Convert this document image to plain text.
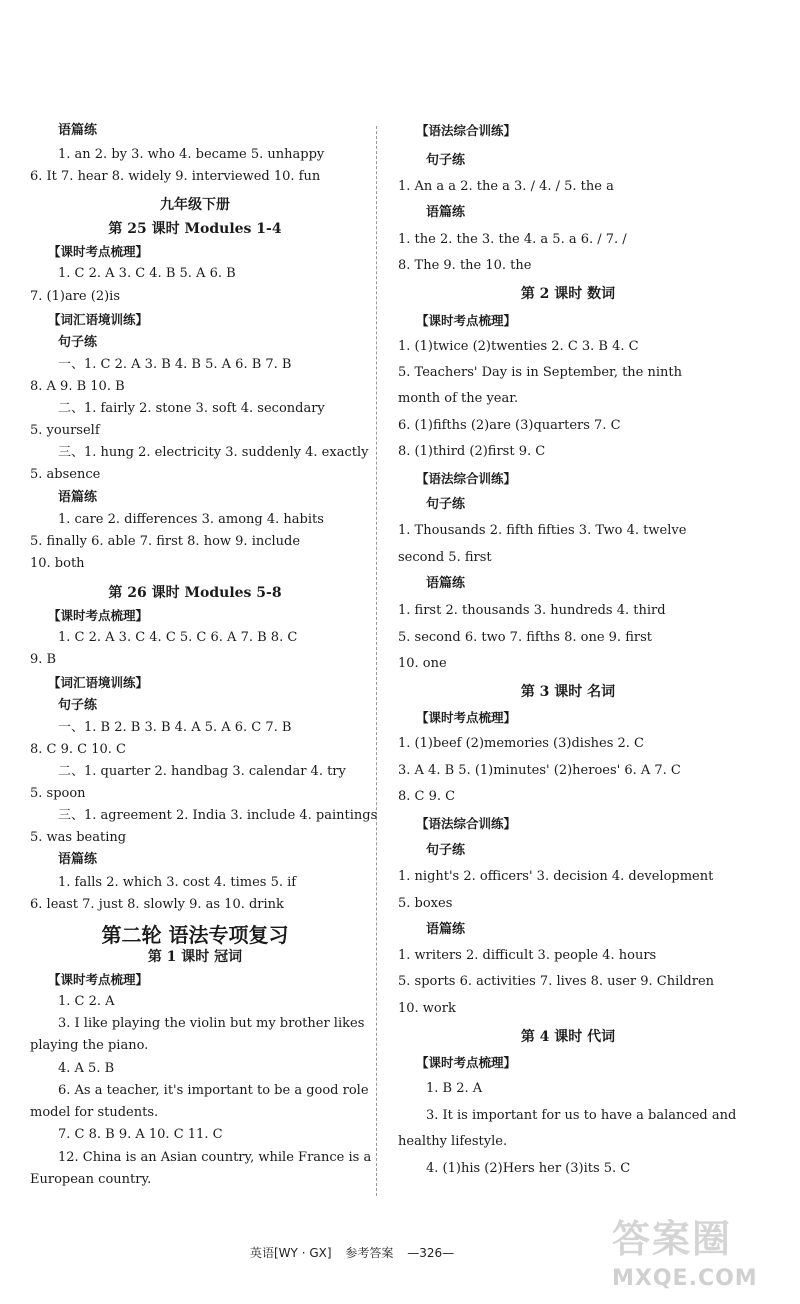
语篇练
1. an 2. by 3. who 4. became 5. unhappy
6. It 7. hear 8. widely 9. interviewed 10. fun
九年级下册
第 25 课时 Modules 1-4
【课时考点梳理】
1. C 2. A 3. C 4. B 5. A 6. B
7. (1)are (2)is
【词汇语境训练】
句子练
一、1. C 2. A 3. B 4. B 5. A 6. B 7. B
8. A 9. B 10. B
二、1. fairly 2. stone 3. soft 4. secondary
5. yourself
三、1. hung 2. electricity 3. suddenly 4. exactly
5. absence
语篇练
1. care 2. differences 3. among 4. habits
5. finally 6. able 7. first 8. how 9. include
10. both
第 26 课时 Modules 5-8
【课时考点梳理】
1. C 2. A 3. C 4. C 5. C 6. A 7. B 8. C
9. B
【词汇语境训练】
句子练
一、1. B 2. B 3. B 4. A 5. A 6. C 7. B
8. C 9. C 10. C
二、1. quarter 2. handbag 3. calendar 4. try
5. spoon
三、1. agreement 2. India 3. include 4. paintings
5. was beating
语篇练
1. falls 2. which 3. cost 4. times 5. if
6. least 7. just 8. slowly 9. as 10. drink
第二轮 语法专项复习
第 1 课时 冠词
【课时考点梳理】
1. C 2. A
3. I like playing the violin but my brother likes
playing the piano.
4. A 5. B
6. As a teacher, it's important to be a good role
model for students.
7. C 8. B 9. A 10. C 11. C
12. China is an Asian country, while France is a
European country.
【语法综合训练】
句子练
1. An a a 2. the a 3. / 4. / 5. the a
语篇练
1. the 2. the 3. the 4. a 5. a 6. / 7. /
8. The 9. the 10. the
第 2 课时 数词
【课时考点梳理】
1. (1)twice (2)twenties 2. C 3. B 4. C
5. Teachers' Day is in September, the ninth
month of the year.
6. (1)fifths (2)are (3)quarters 7. C
8. (1)third (2)first 9. C
【语法综合训练】
句子练
1. Thousands 2. fifth fifties 3. Two 4. twelve
second 5. first
语篇练
1. first 2. thousands 3. hundreds 4. third
5. second 6. two 7. fifths 8. one 9. first
10. one
第 3 课时 名词
【课时考点梳理】
1. (1)beef (2)memories (3)dishes 2. C
3. A 4. B 5. (1)minutes' (2)heroes' 6. A 7. C
8. C 9. C
【语法综合训练】
句子练
1. night's 2. officers' 3. decision 4. development
5. boxes
语篇练
1. writers 2. difficult 3. people 4. hours
5. sports 6. activities 7. lives 8. user 9. Children
10. work
第 4 课时 代词
【课时考点梳理】
1. B 2. A
3. It is important for us to have a balanced and
healthy lifestyle.
4. (1)his (2)Hers her (3)its 5. C
英语[WY · GX] 参考答案 —326—	答案圈
MXQE.COM
